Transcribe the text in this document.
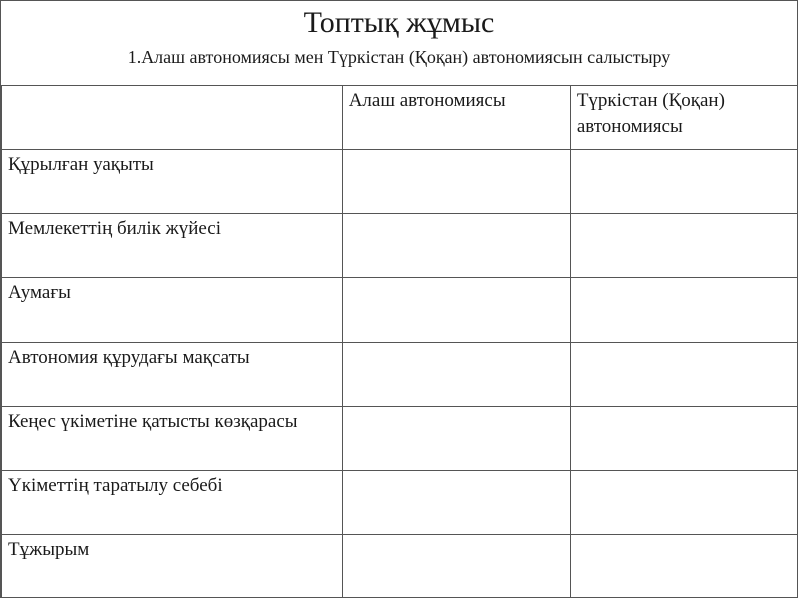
Топтық жұмыс
1.Алаш автономиясы мен Түркістан (Қоқан) автономиясын салыстыру
	Алаш автономиясы	Түркістан (Қоқан) автономиясы
Құрылған уақыты		
Мемлекеттің билік жүйесі		
Аумағы		
Автономия құрудағы мақсаты		
Кеңес үкіметіне қатысты көзқарасы		
Үкіметтің таратылу себебі		
Тұжырым		
